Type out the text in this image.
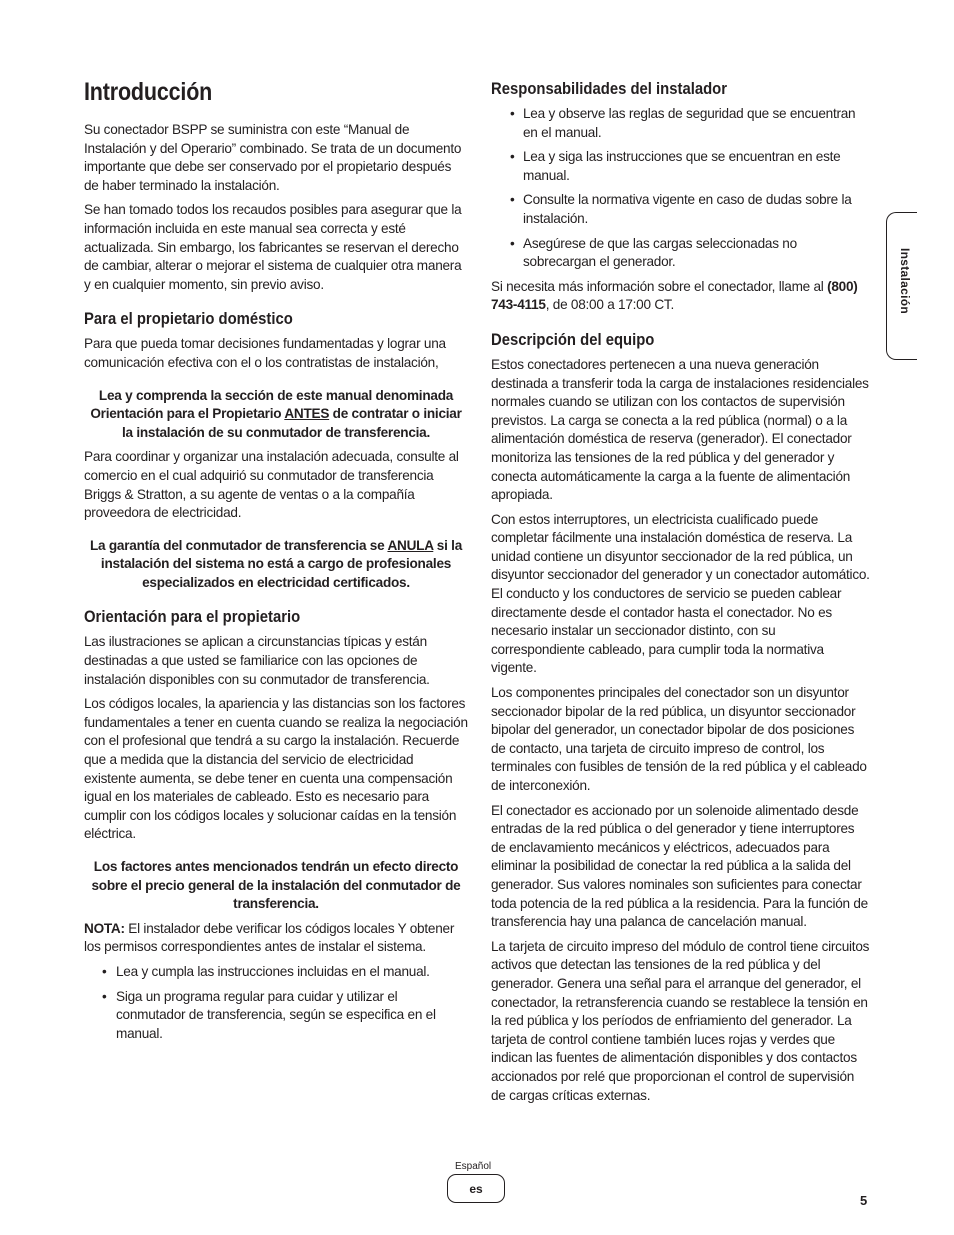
Introducción

Su conectador BSPP se suministra con este “Manual de Instalación y del Operario” combinado. Se trata de un documento importante que debe ser conservado por el propietario después de haber terminado la instalación.

Se han tomado todos los recaudos posibles para asegurar que la información incluida en este manual sea correcta y esté actualizada. Sin embargo, los fabricantes se reservan el derecho de cambiar, alterar o mejorar el sistema de cualquier otra manera y en cualquier momento, sin previo aviso.

Para el propietario doméstico

Para que pueda tomar decisiones fundamentadas y lograr una comunicación efectiva con el o los contratistas de instalación,

Lea y comprenda la sección de este manual denominada Orientación para el Propietario ANTES de contratar o iniciar la instalación de su conmutador de transferencia.

Para coordinar y organizar una instalación adecuada, consulte al comercio en el cual adquirió su conmutador de transferencia Briggs & Stratton, a su agente de ventas o a la compañía proveedora de electricidad.

La garantía del conmutador de transferencia se ANULA si la instalación del sistema no está a cargo de profesionales especializados en electricidad certificados.

Orientación para el propietario

Las ilustraciones se aplican a circunstancias típicas y están destinadas a que usted se familiarice con las opciones de instalación disponibles con su conmutador de transferencia.

Los códigos locales, la apariencia y las distancias son los factores fundamentales a tener en cuenta cuando se realiza la negociación con el profesional que tendrá a su cargo la instalación. Recuerde que a medida que la distancia del servicio de electricidad existente aumenta, se debe tener en cuenta una compensación igual en los materiales de cableado. Esto es necesario para cumplir con los códigos locales y solucionar caídas en la tensión eléctrica.

Los factores antes mencionados tendrán un efecto directo sobre el precio general de la instalación del conmutador de transferencia.

NOTA: El instalador debe verificar los códigos locales Y obtener los permisos correspondientes antes de instalar el sistema.

• Lea y cumpla las instrucciones incluidas en el manual.
• Siga un programa regular para cuidar y utilizar el conmutador de transferencia, según se especifica en el manual.
Responsabilidades del instalador
• Lea y observe las reglas de seguridad que se encuentran en el manual.
• Lea y siga las instrucciones que se encuentran en este manual.
• Consulte la normativa vigente en caso de dudas sobre la instalación.
• Asegúrese de que las cargas seleccionadas no sobrecargan el generador.

Si necesita más información sobre el conectador, llame al (800) 743-4115, de 08:00 a 17:00 CT.

Descripción del equipo

Estos conectadores pertenecen a una nueva generación destinada a transferir toda la carga de instalaciones residenciales normales cuando se utilizan con los contactos de supervisión previstos. La carga se conecta a la red pública (normal) o a la alimentación doméstica de reserva (generador). El conectador monitoriza las tensiones de la red pública y del generador y conecta automáticamente la carga a la fuente de alimentación apropiada.

Con estos interruptores, un electricista cualificado puede completar fácilmente una instalación doméstica de reserva. La unidad contiene un disyuntor seccionador de la red pública, un disyuntor seccionador del generador y un conectador automático. El conducto y los conductores de servicio se pueden cablear directamente desde el contador hasta el conectador. No es necesario instalar un seccionador distinto, con su correspondiente cableado, para cumplir toda la normativa vigente.

Los componentes principales del conectador son un disyuntor seccionador bipolar de la red pública, un disyuntor seccionador bipolar del generador, un conectador bipolar de dos posiciones de contacto, una tarjeta de circuito impreso de control, los terminales con fusibles de tensión de la red pública y el cableado de interconexión.

El conectador es accionado por un solenoide alimentado desde entradas de la red pública o del generador y tiene interruptores de enclavamiento mecánicos y eléctricos, adecuados para eliminar la posibilidad de conectar la red pública a la salida del generador. Sus valores nominales son suficientes para conectar toda potencia de la red pública a la residencia. Para la función de transferencia hay una palanca de cancelación manual.

La tarjeta de circuito impreso del módulo de control tiene circuitos activos que detectan las tensiones de la red pública y del generador. Genera una señal para el arranque del generador, el conectador, la retransferencia cuando se restablece la tensión en la red pública y los períodos de enfriamiento del generador. La tarjeta de control contiene también luces rojas y verdes que indican las fuentes de alimentación disponibles y dos contactos accionados por relé que proporcionan el control de supervisión de cargas críticas externas.

Instalación
Español
es
5
